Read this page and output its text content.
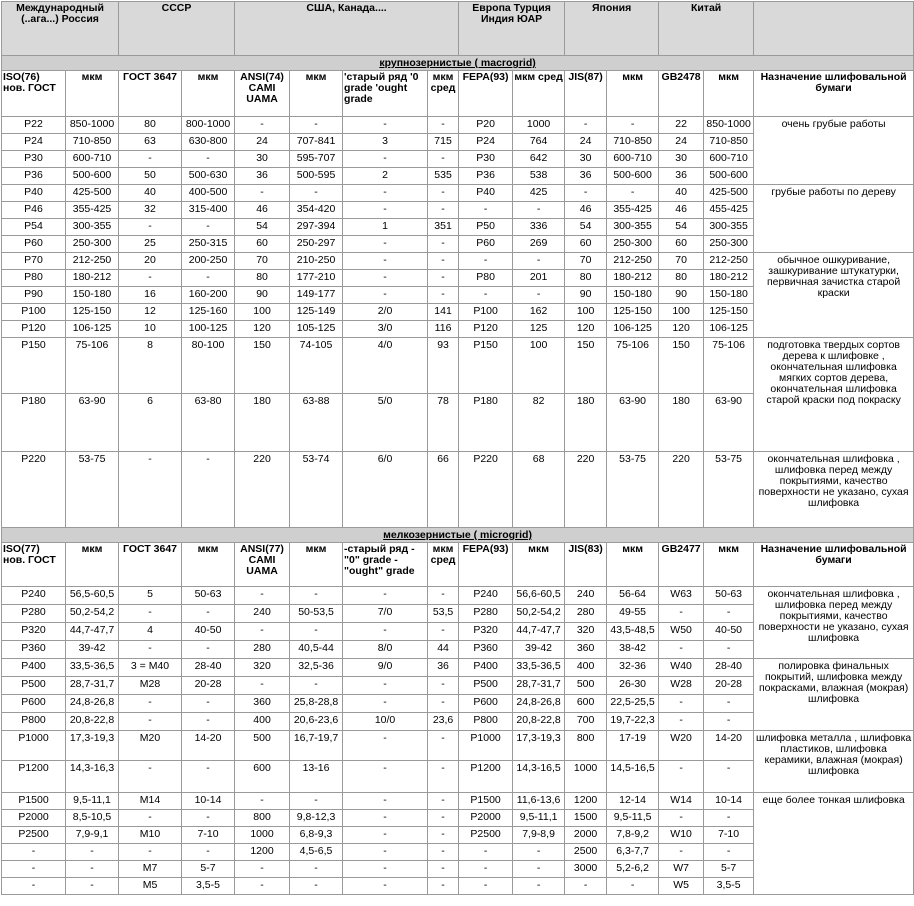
Международный (..ага...) Россия		СССР		США, Канада....				Европа Турция Индия ЮАР		Япония		Китай		
крупнозернистые ( macrogrid)														
ISO(76) нов. ГОСТ	мкм	ГОСТ 3647	мкм	ANSI(74) CAMI UAMA	мкм	'старый ряд '0 grade 'ought grade	мкм сред	FEPA(93)	мкм сред	JIS(87)	мкм	GB2478	мкм	Назначение шлифовальной бумаги
P22	850-1000	80	800-1000	-	-	-	-	P20	1000	-	-	22	850-1000	очень грубые работы
P24	710-850	63	630-800	24	707-841	3	715	P24	764	24	710-850	24	710-850	
P30	600-710	-	-	30	595-707	-	-	P30	642	30	600-710	30	600-710	
P36	500-600	50	500-630	36	500-595	2	535	P36	538	36	500-600	36	500-600	
P40	425-500	40	400-500	-	-	-	-	P40	425	-	-	40	425-500	грубые работы по дереву
P46	355-425	32	315-400	46	354-420	-	-	-	-	46	355-425	46	455-425	
P54	300-355	-	-	54	297-394	1	351	P50	336	54	300-355	54	300-355	
P60	250-300	25	250-315	60	250-297	-	-	P60	269	60	250-300	60	250-300	
P70	212-250	20	200-250	70	210-250	-	-	-	-	70	212-250	70	212-250	обычное ошкуривание, зашкуривание штукатурки, первичная зачистка старой краски
P80	180-212	-	-	80	177-210	-	-	P80	201	80	180-212	80	180-212	
P90	150-180	16	160-200	90	149-177	-	-	-	-	90	150-180	90	150-180	
P100	125-150	12	125-160	100	125-149	2/0	141	P100	162	100	125-150	100	125-150	
P120	106-125	10	100-125	120	105-125	3/0	116	P120	125	120	106-125	120	106-125	
P150	75-106	8	80-100	150	74-105	4/0	93	P150	100	150	75-106	150	75-106	подготовка твердых сортов дерева к шлифовке , окончательная шлифовка мягких сортов дерева, окончательная шлифовка старой краски под покраску
P180	63-90	6	63-80	180	63-88	5/0	78	P180	82	180	63-90	180	63-90	
P220	53-75	-	-	220	53-74	6/0	66	P220	68	220	53-75	220	53-75	окончательная шлифовка , шлифовка перед между покрытиями, качество поверхности не указано, сухая шлифовка
мелкозернистые ( microgrid)														
ISO(77) нов. ГОСТ	мкм	ГОСТ 3647	мкм	ANSI(77) CAMI UAMA	мкм	-старый ряд -"0" grade -"ought" grade	мкм сред	FEPA(93)	мкм	JIS(83)	мкм	GB2477	мкм	Назначение шлифовальной бумаги
P240	56,5-60,5	5	50-63	-	-	-	-	P240	56,6-60,5	240	56-64	W63	50-63	окончательная шлифовка , шлифовка перед между покрытиями, качество поверхности не указано, сухая шлифовка
P280	50,2-54,2	-	-	240	50-53,5	7/0	53,5	P280	50,2-54,2	280	49-55	-	-	
P320	44,7-47,7	4	40-50	-	-	-	-	P320	44,7-47,7	320	43,5-48,5	W50	40-50	
P360	39-42	-	-	280	40,5-44	8/0	44	P360	39-42	360	38-42	-	-	
P400	33,5-36,5	3 = M40	28-40	320	32,5-36	9/0	36	P400	33,5-36,5	400	32-36	W40	28-40	полировка финальных покрытий, шлифовка между покрасками, влажная (мокрая) шлифовка
P500	28,7-31,7	M28	20-28	-	-	-	-	P500	28,7-31,7	500	26-30	W28	20-28	
P600	24,8-26,8	-	-	360	25,8-28,8	-	-	P600	24,8-26,8	600	22,5-25,5	-	-	
P800	20,8-22,8	-	-	400	20,6-23,6	10/0	23,6	P800	20,8-22,8	700	19,7-22,3	-	-	
P1000	17,3-19,3	M20	14-20	500	16,7-19,7	-	-	P1000	17,3-19,3	800	17-19	W20	14-20	шлифовка металла , шлифовка пластиков, шлифовка керамики, влажная (мокрая) шлифовка
P1200	14,3-16,3	-	-	600	13-16	-	-	P1200	14,3-16,5	1000	14,5-16,5	-	-	
P1500	9,5-11,1	M14	10-14	-	-	-	-	P1500	11,6-13,6	1200	12-14	W14	10-14	еще более тонкая шлифовка
P2000	8,5-10,5	-	-	800	9,8-12,3	-	-	P2000	9,5-11,1	1500	9,5-11,5	-	-	
P2500	7,9-9,1	M10	7-10	1000	6,8-9,3	-	-	P2500	7,9-8,9	2000	7,8-9,2	W10	7-10	
-	-	-	-	1200	4,5-6,5	-	-	-	-	2500	6,3-7,7	-	-	
-	-	M7	5-7	-	-	-	-	-	-	3000	5,2-6,2	W7	5-7	
-	-	M5	3,5-5	-	-	-	-	-	-	-	-	W5	3,5-5	
